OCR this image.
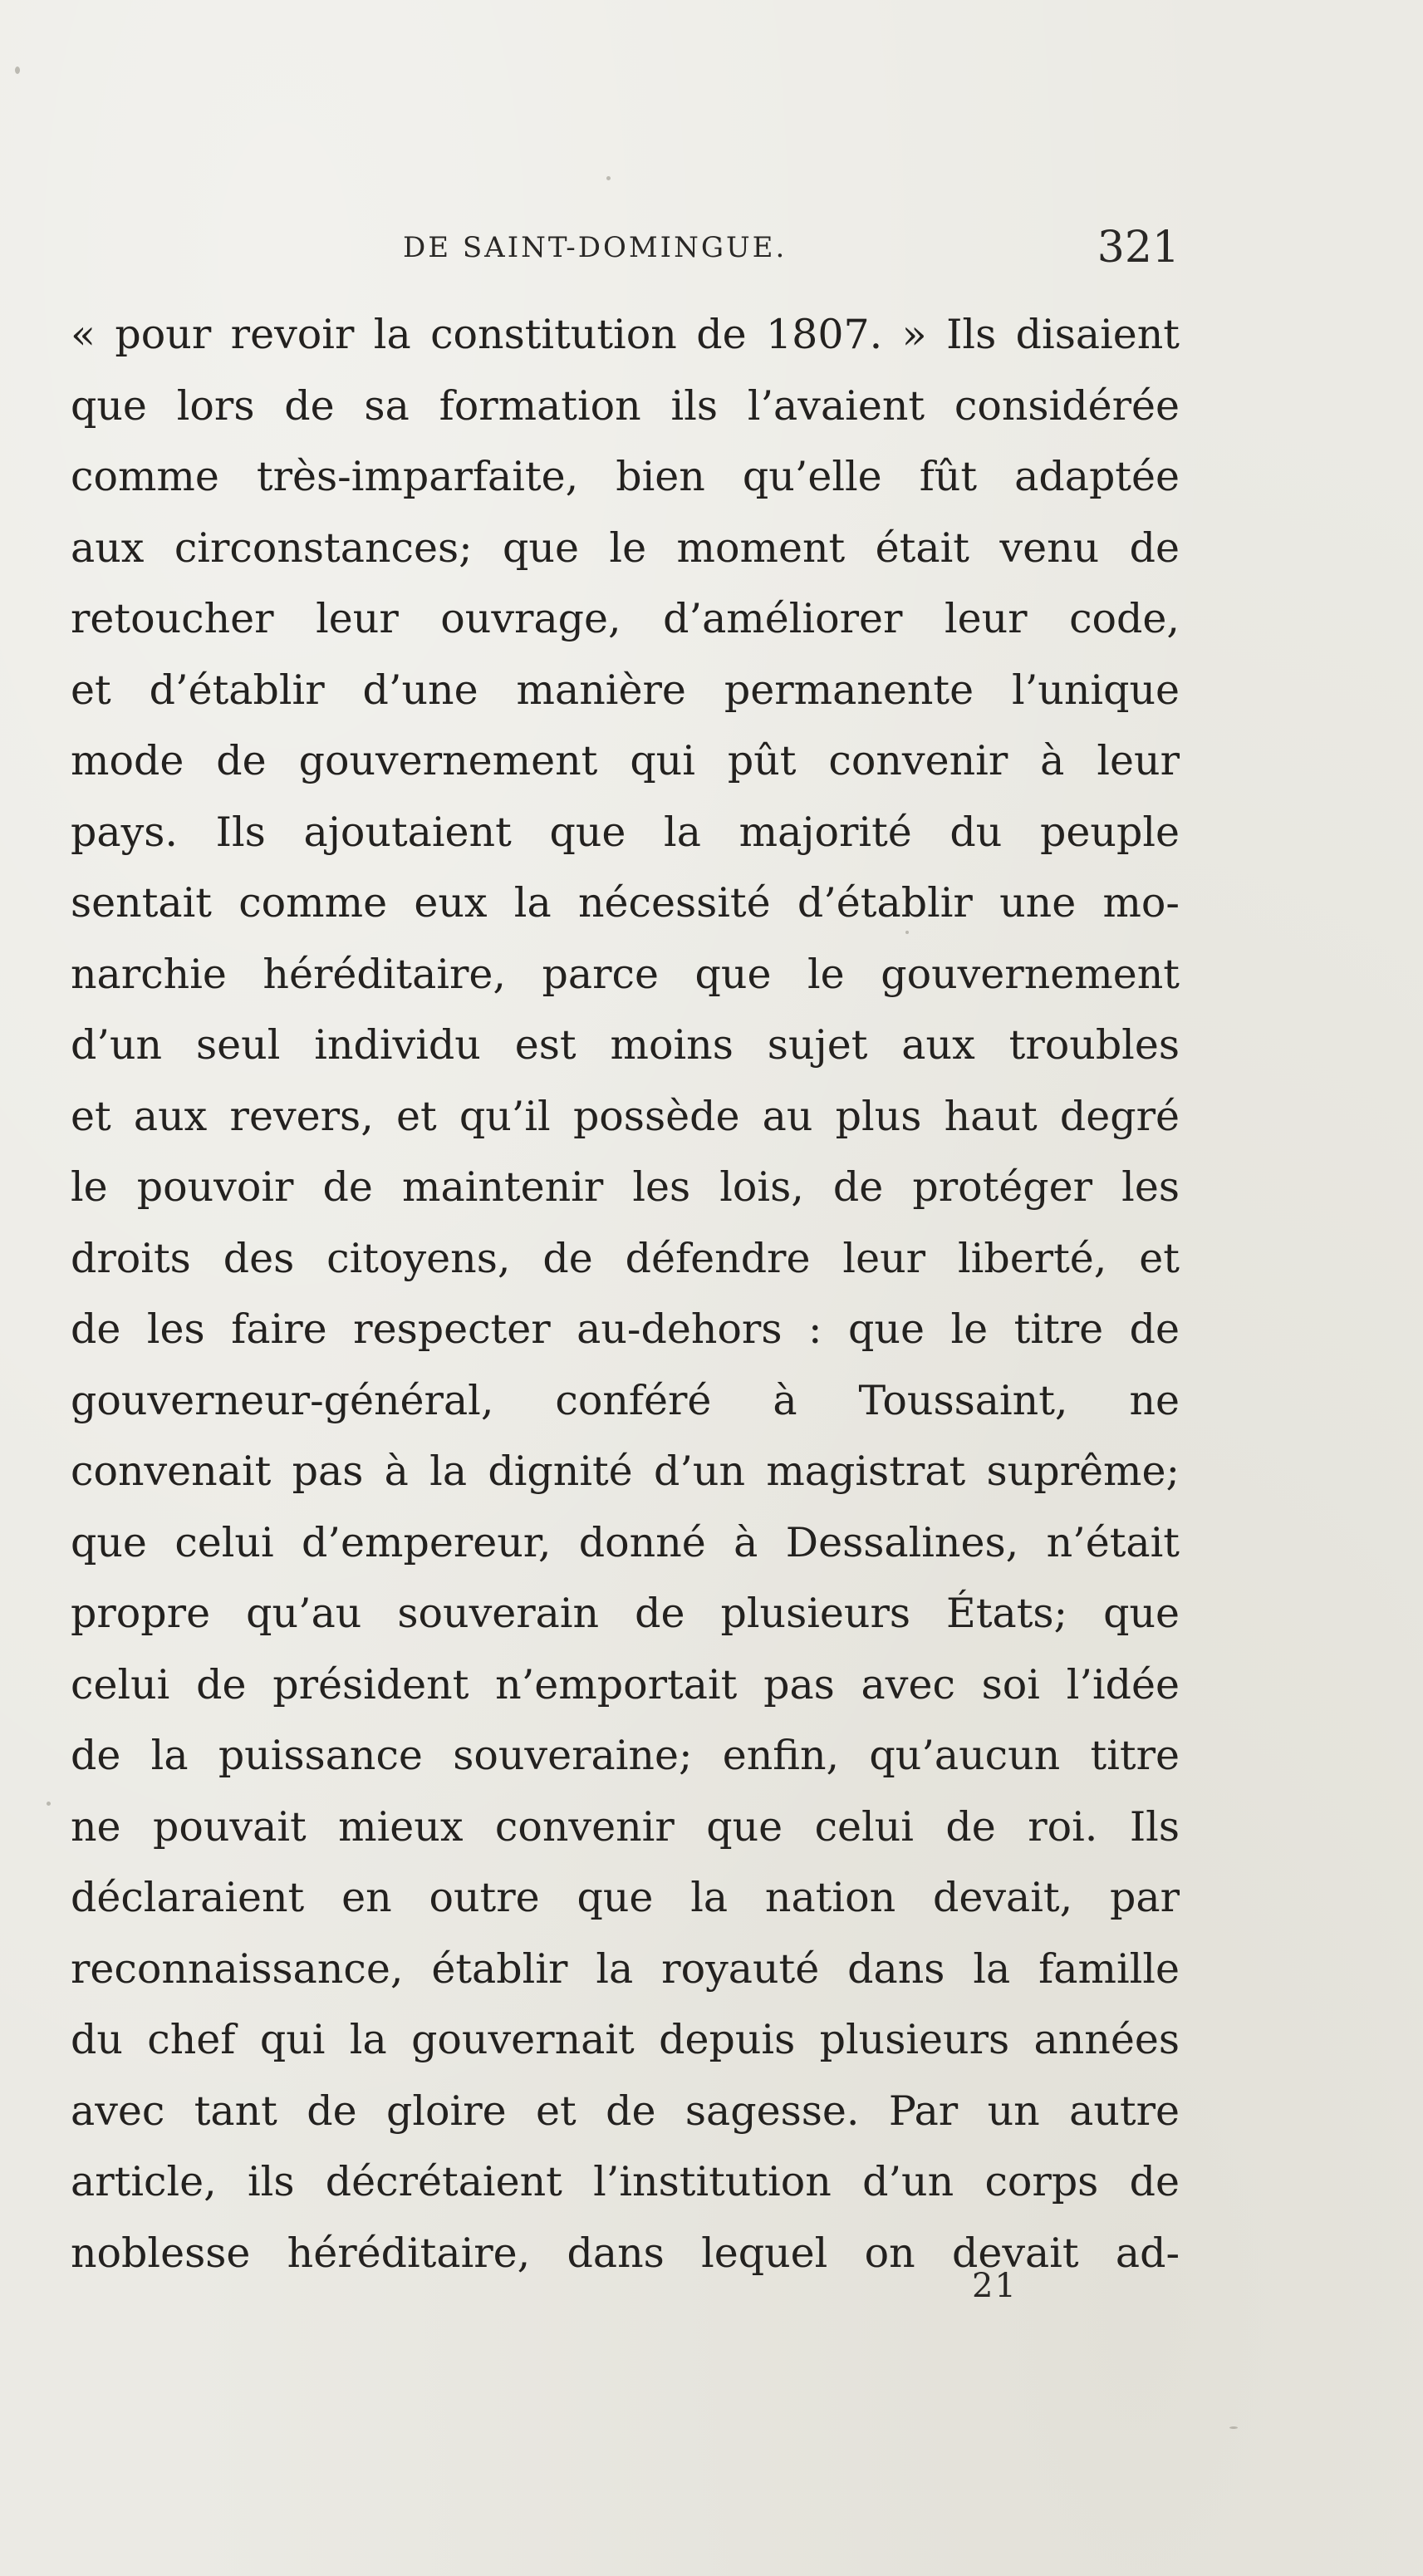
DE SAINT-DOMINGUE.	321
« pour revoir la constitution de 1807. » Ils disaient
que lors de sa formation ils l’avaient considérée
comme très-imparfaite, bien qu’elle fût adaptée
aux circonstances; que le moment était venu de
retoucher leur ouvrage, d’améliorer leur code,
et d’établir d’une manière permanente l’unique
mode de gouvernement qui pût convenir à leur
pays. Ils ajoutaient que la majorité du peuple
sentait comme eux la nécessité d’établir une mo-
narchie héréditaire, parce que le gouvernement
d’un seul individu est moins sujet aux troubles
et aux revers, et qu’il possède au plus haut degré
le pouvoir de maintenir les lois, de protéger les
droits des citoyens, de défendre leur liberté, et
de les faire respecter au-dehors : que le titre de
gouverneur-général, conféré à Toussaint, ne
convenait pas à la dignité d’un magistrat suprême;
que celui d’empereur, donné à Dessalines, n’était
propre qu’au souverain de plusieurs États; que
celui de président n’emportait pas avec soi l’idée
de la puissance souveraine; enfin, qu’aucun titre
ne pouvait mieux convenir que celui de roi. Ils
déclaraient en outre que la nation devait, par
reconnaissance, établir la royauté dans la famille
du chef qui la gouvernait depuis plusieurs années
avec tant de gloire et de sagesse. Par un autre
article, ils décrétaient l’institution d’un corps de
noblesse héréditaire, dans lequel on devait ad-
21
